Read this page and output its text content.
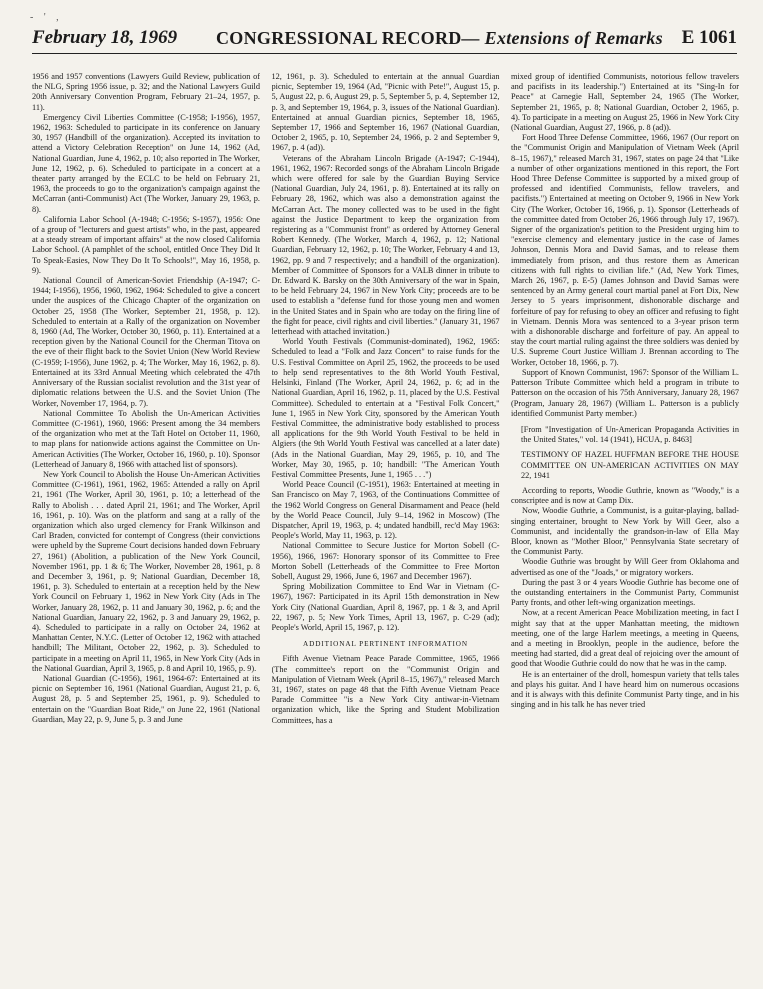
- ' ,
February 18, 1969 CONGRESSIONAL RECORD— Extensions of Remarks E 1061

1956 and 1957 conventions (Lawyers Guild Review, publication of the NLG, Spring 1956 issue, p. 32; and the National Lawyers Guild 20th Anniversary Convention Program, February 21–24, 1957, p. 11).

Emergency Civil Liberties Committee (C-1958; I-1956), 1957, 1962, 1963: Scheduled to participate in its conference on January 30, 1957 (Handbill of the organization). Accepted its invitation to attend a Victory Celebration Reception" on June 14, 1962 (Ad, National Guardian, June 4, 1962, p. 10; also reported in The Worker, June 12, 1962, p. 6). Scheduled to participate in a concert at a theater party arranged by the ECLC to be held on February 21, 1963, the proceeds to go to the organization's campaign against the McCarran (anti-Communist) Act (The Worker, January 29, 1963, p. 8).

California Labor School (A-1948; C-1956; S-1957), 1956: One of a group of "lecturers and guest artists" who, in the past, appeared at a steady stream of important affairs" at the now closed California Labor School. (A pamphlet of the school, entitled Once They Did It To Speak-Easies, Now They Do It To Schools!", May 16, 1958, p. 9).

National Council of American-Soviet Friendship (A-1947; C-1944; I-1956), 1956, 1960, 1962, 1964: Scheduled to give a concert under the auspices of the Chicago Chapter of the organization on October 25, 1958 (The Worker, September 21, 1958, p. 12). Scheduled to entertain at a Rally of the organization on November 8, 1960 (Ad, The Worker, October 30, 1960, p. 11). Entertained at a reception given by the National Council for the Cherman Titova on the eve of their flight back to the Soviet Union (New World Review (C-1959; I-1956), June 1962, p. 4; The Worker, May 16, 1962, p. 8). Entertained at its 33rd Annual Meeting which celebrated the 47th Anniversary of the Russian socialist revolution and the 31st year of diplomatic relations between the U.S. and the Soviet Union (The Worker, November 17, 1964, p. 7).

National Committee To Abolish the Un-American Activities Committee (C-1961), 1960, 1966: Present among the 34 members of the organization who met at the Taft Hotel on October 11, 1960, to map plans for nationwide actions against the Committee on Un-American Activities (The Worker, October 16, 1960, p. 10). Sponsor (Letterhead of January 8, 1966 with attached list of sponsors).

New York Council to Abolish the House Un-American Activities Committee (C-1961), 1961, 1962, 1965: Attended a rally on April 21, 1961 (The Worker, April 30, 1961, p. 10; a letterhead of the Rally to Abolish . . . dated April 21, 1961; and The Worker, April 16, 1961, p. 10). Was on the platform and sang at a rally of the organization which also urged clemency for Frank Wilkinson and Carl Braden, convicted for contempt of Congress (their convictions were upheld by the Supreme Court decisions handed down February 27, 1961) (Abolition, a publication of the New York Council, November 1961, pp. 1 & 6; The Worker, November 28, 1961, p. 8 and December 3, 1961, p. 9; National Guardian, December 18, 1961, p. 3). Scheduled to entertain at a reception held by the New York Council on February 1, 1962 in New York City (Ads in The Worker, January 28, 1962, p. 11 and January 30, 1962, p. 6; and the National Guardian, January 22, 1962, p. 3 and January 29, 1962, p. 4). Scheduled to participate in a rally on October 24, 1962 at Manhattan Center, N.Y.C. (Letter of October 12, 1962 with attached handbill; The Militant, October 22, 1962, p. 3). Scheduled to participate in a meeting on April 11, 1965, in New York City (Ads in the National Guardian, April 3, 1965, p. 8 and April 10, 1965, p. 9).

National Guardian (C-1956), 1961, 1964-67: Entertained at its picnic on September 16, 1961 (National Guardian, August 21, p. 6, August 28, p. 5 and September 25, 1961, p. 9). Scheduled to entertain on the "Guardian Boat Ride," on June 22, 1961 (National Guardian, May 22, p. 9, June 5, p. 3 and June

12, 1961, p. 3). Scheduled to entertain at the annual Guardian picnic, September 19, 1964 (Ad, "Picnic with Pete!", August 15, p. 5, August 22, p. 6, August 29, p. 5, September 5, p. 4, September 12, p. 3, and September 19, 1964, p. 3, issues of the National Guardian). Entertained at annual Guardian picnics, September 18, 1965, September 17, 1966 and September 16, 1967 (National Guardian, October 2, 1965, p. 10, September 24, 1966, p. 2 and September 9, 1967, p. 4 (ad)).

Veterans of the Abraham Lincoln Brigade (A-1947; C-1944), 1961, 1962, 1967: Recorded songs of the Abraham Lincoln Brigade which were offered for sale by the Guardian Buying Service (National Guardian, July 24, 1961, p. 8). Entertained at its rally on February 28, 1962, which was also a demonstration against the McCarran Act. The money collected was to be used in the fight against the Justice Department to keep the organization from registering as a "Communist front" as ordered by Attorney General Robert Kennedy. (The Worker, March 4, 1962, p. 12; National Guardian, February 12, 1962, p. 10; The Worker, February 4 and 13, 1962, pp. 9 and 7 respectively; and a handbill of the organization). Member of Committee of Sponsors for a VALB dinner in tribute to Dr. Edward K. Barsky on the 30th Anniversary of the war in Spain, to be held February 24, 1967 in New York City; proceeds are to be used to establish a "defense fund for those young men and women in the United States and in Spain who are today on the firing line of the fight for peace, civil rights and civil liberties." (January 31, 1967 letterhead with attached invitation.)

World Youth Festivals (Communist-dominated), 1962, 1965: Scheduled to lead a "Folk and Jazz Concert" to raise funds for the U.S. Festival Committee on April 25, 1962, the proceeds to be used to help send representatives to the 8th World Youth Festival, Helsinki, Finland (The Worker, April 24, 1962, p. 6; ad in the National Guardian, April 16, 1962, p. 11, placed by the U.S. Festival Committee). Scheduled to entertain at a "Festival Folk Concert," June 1, 1965 in New York City, sponsored by the American Youth Festival Committee, the administrative body established to process all applications for the 9th World Youth Festival to be held in Algiers (the 9th World Youth Festival was cancelled at a later date) (Ads in the National Guardian, May 29, 1965, p. 10, and The Worker, May 30, 1965, p. 10; handbill: "The American Youth Festival Committee Presents, June 1, 1965 . . .")

World Peace Council (C-1951), 1963: Entertained at meeting in San Francisco on May 7, 1963, of the Continuations Committee of the 1962 World Congress on General Disarmament and Peace (held by the World Peace Council, July 9–14, 1962 in Moscow) (The Dispatcher, April 19, 1963, p. 4; undated handbill, rec'd May 1963: People's World, May 11, 1963, p. 12).

National Committee to Secure Justice for Morton Sobell (C-1956), 1966, 1967: Honorary sponsor of its Committee to Free Morton Sobell (Letterheads of the Committee to Free Morton Sobell, August 29, 1966, June 6, 1967 and December 1967).

Spring Mobilization Committee to End War in Vietnam (C-1967), 1967: Participated in its April 15th demonstration in New York City (National Guardian, April 8, 1967, pp. 1 & 3, and April 22, 1967, p. 5; New York Times, April 13, 1967, p. C-29 (ad); People's World, April 15, 1967, p. 12).

ADDITIONAL PERTINENT INFORMATION

Fifth Avenue Vietnam Peace Parade Committee, 1965, 1966 (The committee's report on the "Communist Origin and Manipulation of Vietnam Week (April 8–15, 1967)," released March 31, 1967, states on page 48 that the Fifth Avenue Vietnam Peace Parade Committee "is a New York City antiwar-in-Vietnam organization which, like the Spring and Student Mobilization Committees, has a

mixed group of identified Communists, notorious fellow travelers and pacifists in its leadership.") Entertained at its "Sing-In for Peace" at Carnegie Hall, September 24, 1965 (The Worker, September 21, 1965, p. 8; National Guardian, October 2, 1965, p. 4). To participate in a meeting on August 25, 1966 in New York City (National Guardian, August 27, 1966, p. 8 (ad)).

Fort Hood Three Defense Committee, 1966, 1967 (Our report on the "Communist Origin and Manipulation of Vietnam Week (April 8–15, 1967)," released March 31, 1967, states on page 24 that "Like a number of other organizations mentioned in this report, the Fort Hood Three Defense Committee is supported by a mixed group of professed and identified Communists, fellow travelers, and pacifists.") Entertained at meeting on October 9, 1966 in New York City (The Worker, October 16, 1966, p. 1). Sponsor (Letterheads of the committee dated from October 26, 1966 through July 17, 1967). Signer of the organization's petition to the President urging him to "exercise clemency and elementary justice in the case of James Johnson, Dennis Mora and David Samas, and to release them immediately from prison, and thus restore them as American citizens with full rights to civilian life." (Ad, New York Times, March 26, 1967, p. E-5) (James Johnson and David Samas were sentenced by an Army general court martial panel at Fort Dix, New Jersey to 5 years imprisonment, dishonorable discharge and forfeiture of pay for refusing to obey an officer and refusing to fight in Vietnam. Dennis Mora was sentenced to a 3-year prison term with a dishonorable discharge and forfeiture of pay. An appeal to stay the court martial ruling against the three soldiers was denied by U.S. Supreme Court Justice William J. Brennan according to The Worker, October 18, 1966, p. 7).

Support of Known Communist, 1967: Sponsor of the William L. Patterson Tribute Committee which held a program in tribute to Patterson on the occasion of his 75th Anniversary, January 28, 1967 (Program, January 28, 1967) (William L. Patterson is a publicly identified Communist Party member.)

[From "Investigation of Un-American Propaganda Activities in the United States," vol. 14 (1941), HCUA, p. 8463]

TESTIMONY OF HAZEL HUFFMAN BEFORE THE HOUSE COMMITTEE ON UN-AMERICAN ACTIVITIES ON MAY 22, 1941

According to reports, Woodie Guthrie, known as "Woody," is a conscriptee and is now at Camp Dix.

Now, Woodie Guthrie, a Communist, is a guitar-playing, ballad-singing entertainer, brought to New York by Will Geer, also a Communist, and incidentally the grandson-in-law of Ella May Bloor, known as "Mother Bloor," Pennsylvania State secretary of the Communist Party.

Woodie Guthrie was brought by Will Geer from Oklahoma and advertised as one of the "Joads," or migratory workers.

During the past 3 or 4 years Woodie Guthrie has become one of the outstanding entertainers in the Communist Party, Communist Party fronts, and other left-wing organization meetings.

Now, at a recent American Peace Mobilization meeting, in fact I might say that at the upper Manhattan meeting, the midtown meeting, one of the large Harlem meetings, a meeting in Queens, and a meeting in Brooklyn, people in the audience, before the meeting had started, did a great deal of rejoicing over the amount of good that Woodie Guthrie could do now that he was in the camp.

He is an entertainer of the droll, homespun variety that tells tales and plays his guitar. And I have heard him on numerous occasions and it is always with this definite Communist Party tinge, and in his singing and in his talk he has never tried
